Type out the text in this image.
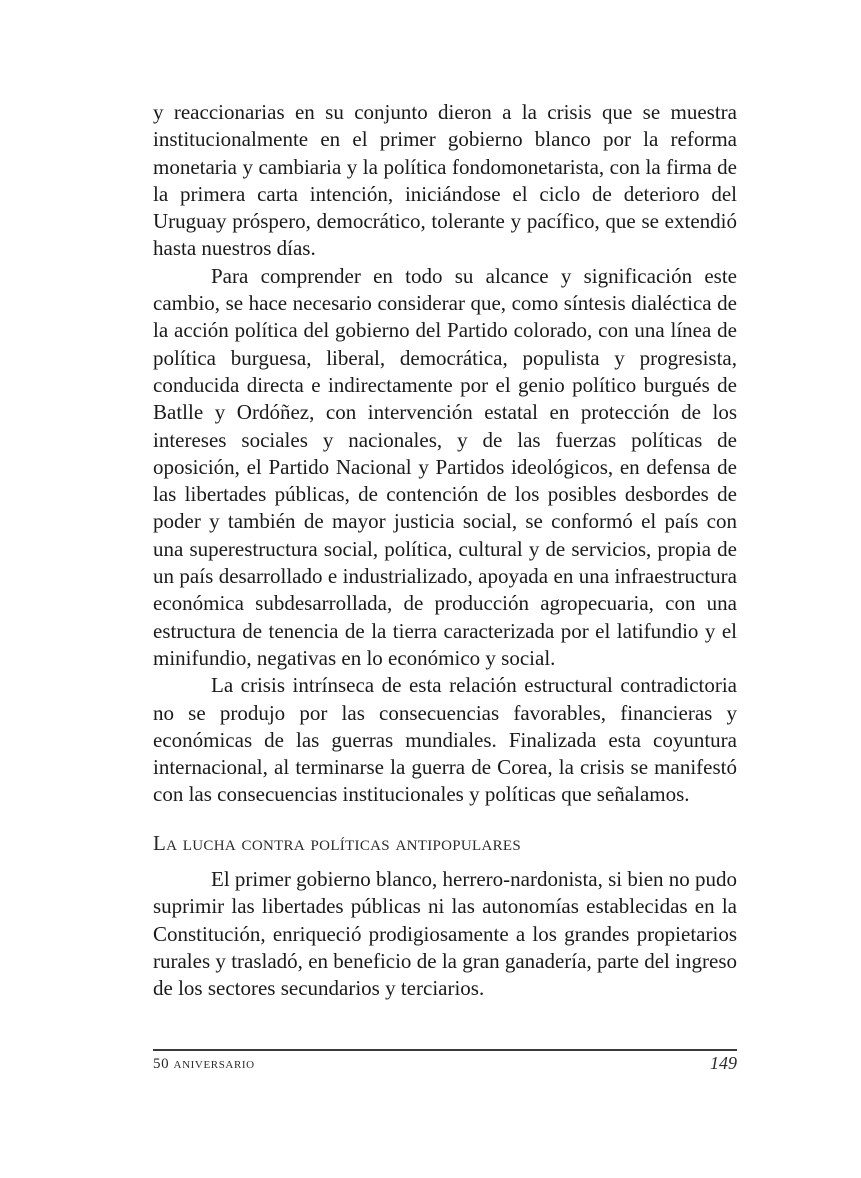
y reaccionarias en su conjunto dieron a la crisis que se muestra institucionalmente en el primer gobierno blanco por la reforma monetaria y cambiaria y la política fondomonetarista, con la firma de la primera carta intención, iniciándose el ciclo de deterioro del Uruguay próspero, democrático, tolerante y pacífico, que se extendió hasta nuestros días.

Para comprender en todo su alcance y significación este cambio, se hace necesario considerar que, como síntesis dialéctica de la acción política del gobierno del Partido colorado, con una línea de política burguesa, liberal, democrática, populista y progresista, conducida directa e indirectamente por el genio político burgués de Batlle y Ordóñez, con intervención estatal en protección de los intereses sociales y nacionales, y de las fuerzas políticas de oposición, el Partido Nacional y Partidos ideológicos, en defensa de las libertades públicas, de contención de los posibles desbordes de poder y también de mayor justicia social, se conformó el país con una superestructura social, política, cultural y de servicios, propia de un país desarrollado e industrializado, apoyada en una infraestructura económica subdesarrollada, de producción agropecuaria, con una estructura de tenencia de la tierra caracterizada por el latifundio y el minifundio, negativas en lo económico y social.

La crisis intrínseca de esta relación estructural contradictoria no se produjo por las consecuencias favorables, financieras y económicas de las guerras mundiales. Finalizada esta coyuntura internacional, al terminarse la guerra de Corea, la crisis se manifestó con las consecuencias institucionales y políticas que señalamos.

La lucha contra políticas antipopulares

El primer gobierno blanco, herrero-nardonista, si bien no pudo suprimir las libertades públicas ni las autonomías establecidas en la Constitución, enriqueció prodigiosamente a los grandes propietarios rurales y trasladó, en beneficio de la gran ganadería, parte del ingreso de los sectores secundarios y terciarios.

50 aniversario	149
